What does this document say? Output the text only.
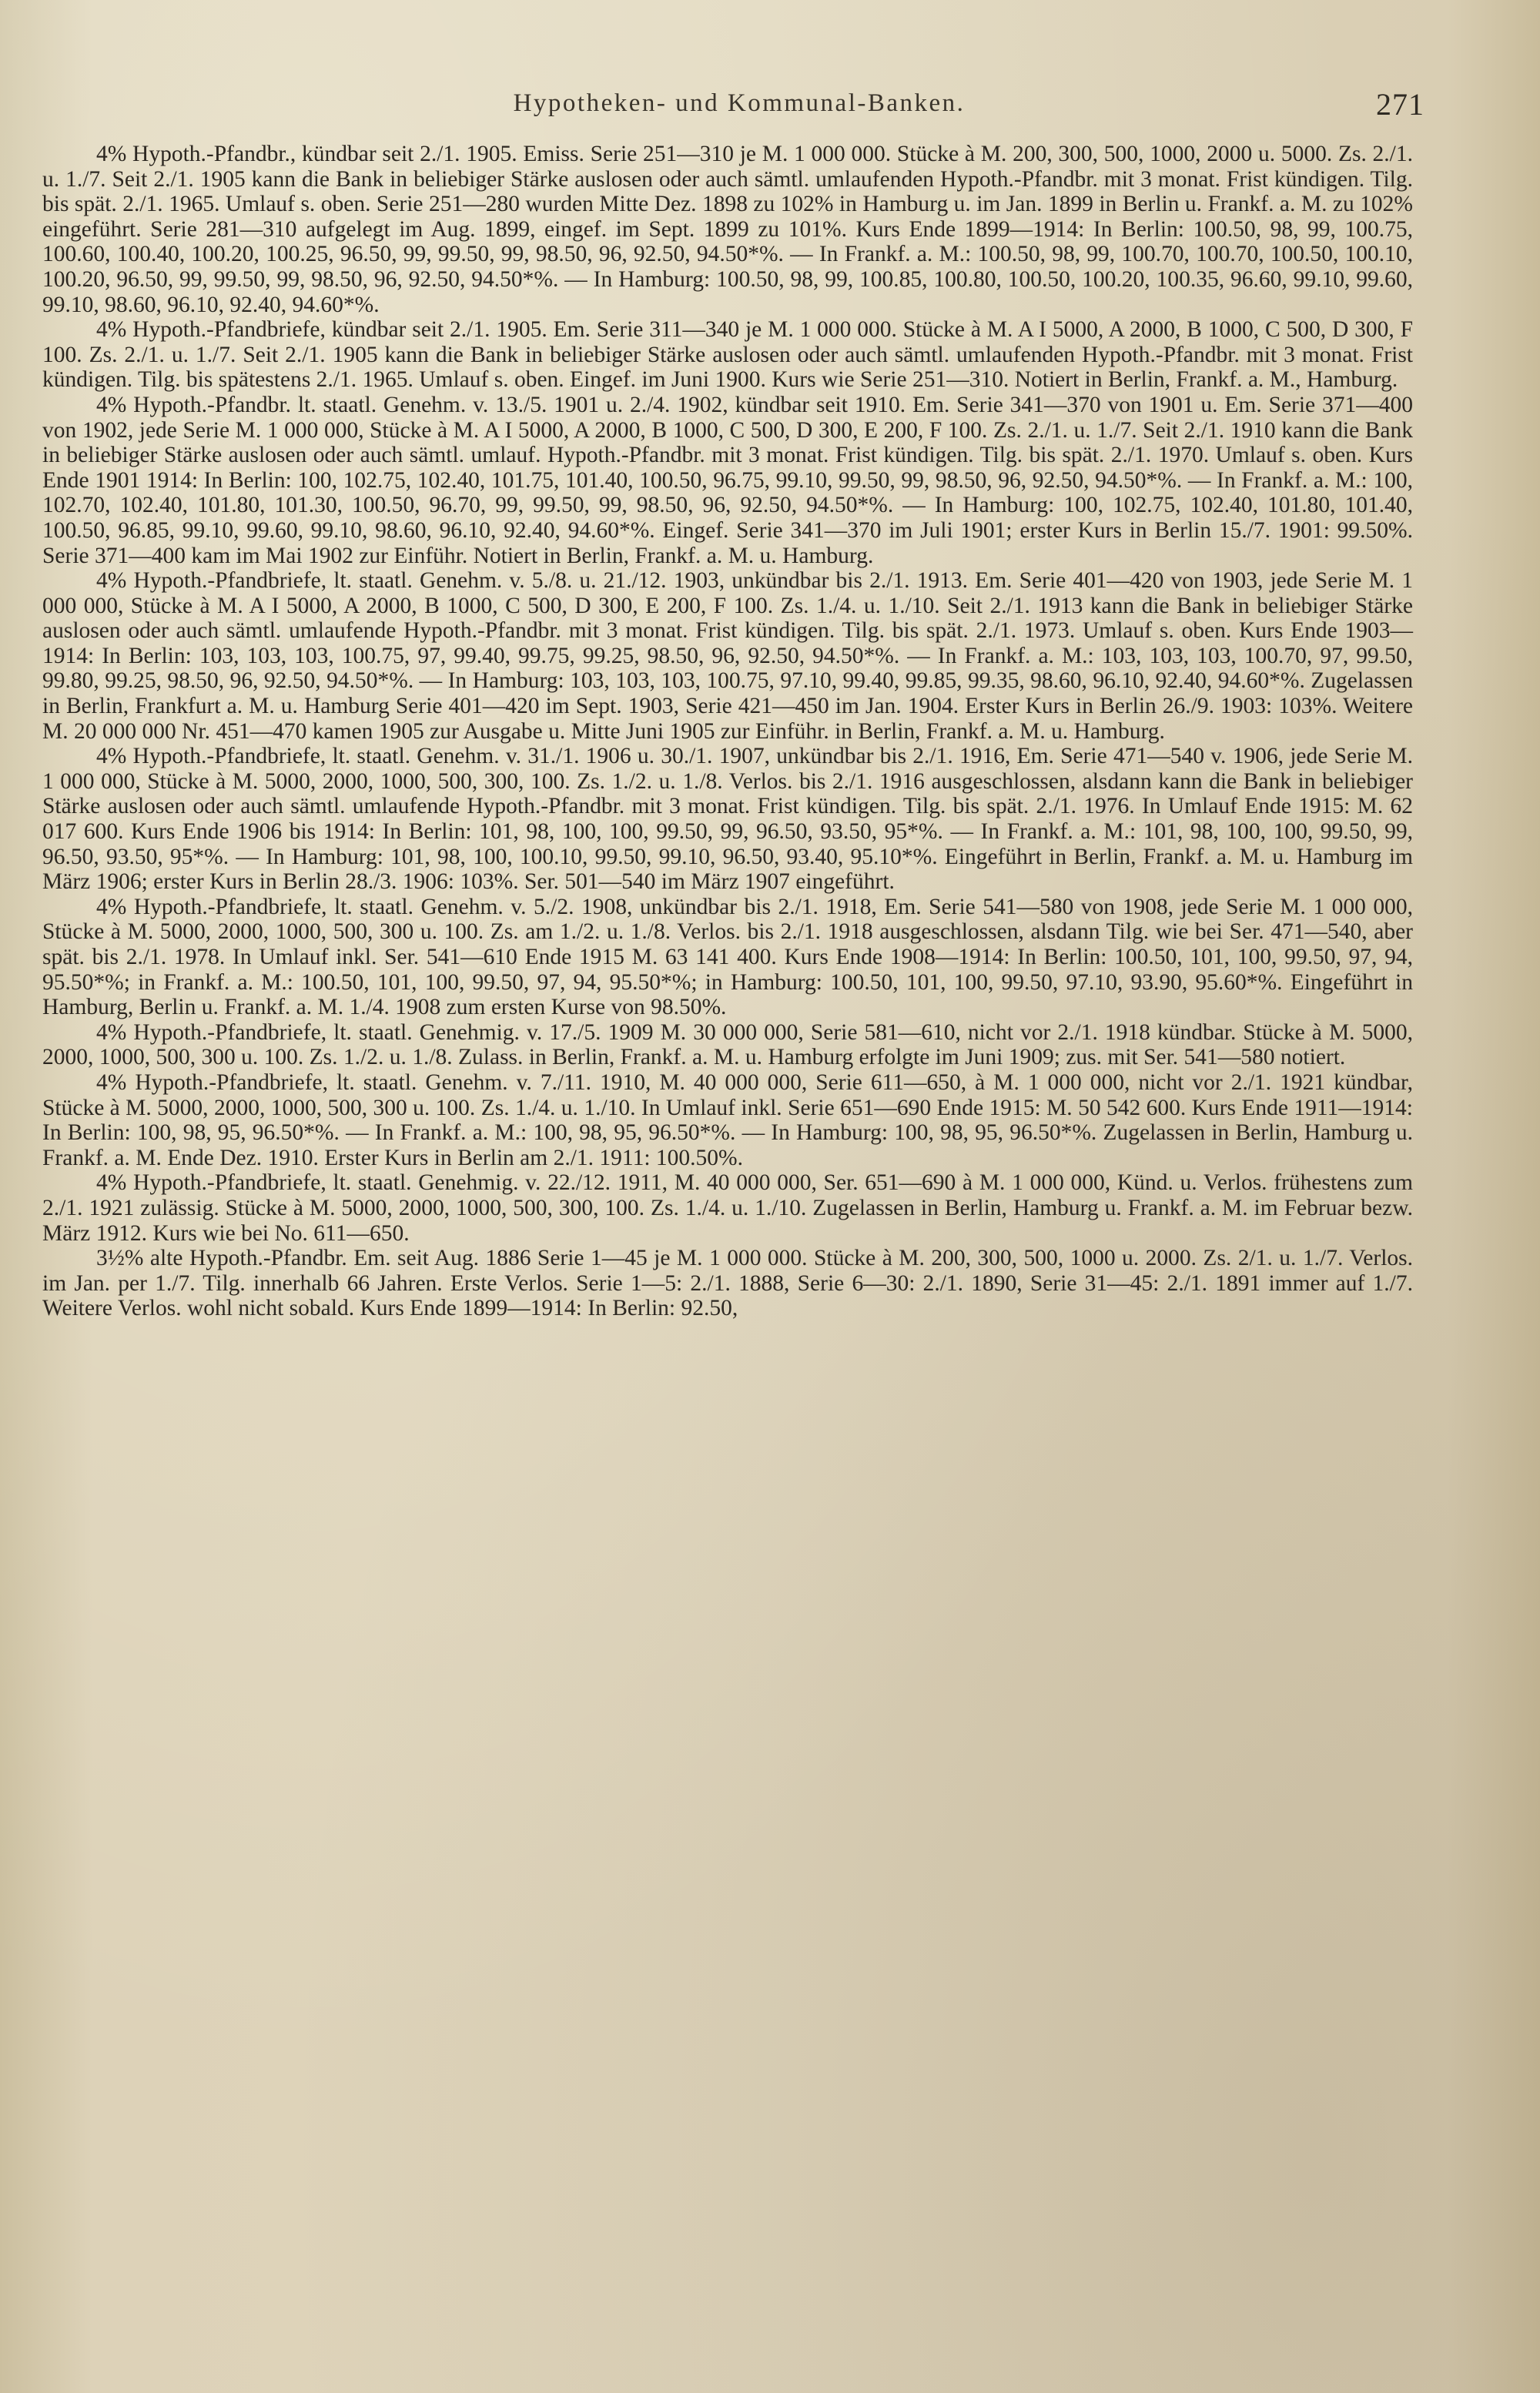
Hypotheken- und Kommunal-Banken.	271

4% Hypoth.-Pfandbr., kündbar seit 2./1. 1905. Emiss. Serie 251—310 je M. 1 000 000. Stücke à M. 200, 300, 500, 1000, 2000 u. 5000. Zs. 2./1. u. 1./7. Seit 2./1. 1905 kann die Bank in beliebiger Stärke auslosen oder auch sämtl. umlaufenden Hypoth.-Pfandbr. mit 3 monat. Frist kündigen. Tilg. bis spät. 2./1. 1965. Umlauf s. oben. Serie 251—280 wurden Mitte Dez. 1898 zu 102% in Hamburg u. im Jan. 1899 in Berlin u. Frankf. a. M. zu 102% eingeführt. Serie 281—310 aufgelegt im Aug. 1899, eingef. im Sept. 1899 zu 101%. Kurs Ende 1899—1914: In Berlin: 100.50, 98, 99, 100.75, 100.60, 100.40, 100.20, 100.25, 96.50, 99, 99.50, 99, 98.50, 96, 92.50, 94.50*%. — In Frankf. a. M.: 100.50, 98, 99, 100.70, 100.70, 100.50, 100.10, 100.20, 96.50, 99, 99.50, 99, 98.50, 96, 92.50, 94.50*%. — In Hamburg: 100.50, 98, 99, 100.85, 100.80, 100.50, 100.20, 100.35, 96.60, 99.10, 99.60, 99.10, 98.60, 96.10, 92.40, 94.60*%.

4% Hypoth.-Pfandbriefe, kündbar seit 2./1. 1905. Em. Serie 311—340 je M. 1 000 000. Stücke à M. A I 5000, A 2000, B 1000, C 500, D 300, F 100. Zs. 2./1. u. 1./7. Seit 2./1. 1905 kann die Bank in beliebiger Stärke auslosen oder auch sämtl. umlaufenden Hypoth.-Pfandbr. mit 3 monat. Frist kündigen. Tilg. bis spätestens 2./1. 1965. Umlauf s. oben. Eingef. im Juni 1900. Kurs wie Serie 251—310. Notiert in Berlin, Frankf. a. M., Hamburg.

4% Hypoth.-Pfandbr. lt. staatl. Genehm. v. 13./5. 1901 u. 2./4. 1902, kündbar seit 1910. Em. Serie 341—370 von 1901 u. Em. Serie 371—400 von 1902, jede Serie M. 1 000 000, Stücke à M. A I 5000, A 2000, B 1000, C 500, D 300, E 200, F 100. Zs. 2./1. u. 1./7. Seit 2./1. 1910 kann die Bank in beliebiger Stärke auslosen oder auch sämtl. umlauf. Hypoth.-Pfandbr. mit 3 monat. Frist kündigen. Tilg. bis spät. 2./1. 1970. Umlauf s. oben. Kurs Ende 1901 1914: In Berlin: 100, 102.75, 102.40, 101.75, 101.40, 100.50, 96.75, 99.10, 99.50, 99, 98.50, 96, 92.50, 94.50*%. — In Frankf. a. M.: 100, 102.70, 102.40, 101.80, 101.30, 100.50, 96.70, 99, 99.50, 99, 98.50, 96, 92.50, 94.50*%. — In Hamburg: 100, 102.75, 102.40, 101.80, 101.40, 100.50, 96.85, 99.10, 99.60, 99.10, 98.60, 96.10, 92.40, 94.60*%. Eingef. Serie 341—370 im Juli 1901; erster Kurs in Berlin 15./7. 1901: 99.50%. Serie 371—400 kam im Mai 1902 zur Einführ. Notiert in Berlin, Frankf. a. M. u. Hamburg.

4% Hypoth.-Pfandbriefe, lt. staatl. Genehm. v. 5./8. u. 21./12. 1903, unkündbar bis 2./1. 1913. Em. Serie 401—420 von 1903, jede Serie M. 1 000 000, Stücke à M. A I 5000, A 2000, B 1000, C 500, D 300, E 200, F 100. Zs. 1./4. u. 1./10. Seit 2./1. 1913 kann die Bank in beliebiger Stärke auslosen oder auch sämtl. umlaufende Hypoth.-Pfandbr. mit 3 monat. Frist kündigen. Tilg. bis spät. 2./1. 1973. Umlauf s. oben. Kurs Ende 1903—1914: In Berlin: 103, 103, 103, 100.75, 97, 99.40, 99.75, 99.25, 98.50, 96, 92.50, 94.50*%. — In Frankf. a. M.: 103, 103, 103, 100.70, 97, 99.50, 99.80, 99.25, 98.50, 96, 92.50, 94.50*%. — In Hamburg: 103, 103, 103, 100.75, 97.10, 99.40, 99.85, 99.35, 98.60, 96.10, 92.40, 94.60*%. Zugelassen in Berlin, Frankfurt a. M. u. Hamburg Serie 401—420 im Sept. 1903, Serie 421—450 im Jan. 1904. Erster Kurs in Berlin 26./9. 1903: 103%. Weitere M. 20 000 000 Nr. 451—470 kamen 1905 zur Ausgabe u. Mitte Juni 1905 zur Einführ. in Berlin, Frankf. a. M. u. Hamburg.

4% Hypoth.-Pfandbriefe, lt. staatl. Genehm. v. 31./1. 1906 u. 30./1. 1907, unkündbar bis 2./1. 1916, Em. Serie 471—540 v. 1906, jede Serie M. 1 000 000, Stücke à M. 5000, 2000, 1000, 500, 300, 100. Zs. 1./2. u. 1./8. Verlos. bis 2./1. 1916 ausgeschlossen, alsdann kann die Bank in beliebiger Stärke auslosen oder auch sämtl. umlaufende Hypoth.-Pfandbr. mit 3 monat. Frist kündigen. Tilg. bis spät. 2./1. 1976. In Umlauf Ende 1915: M. 62 017 600. Kurs Ende 1906 bis 1914: In Berlin: 101, 98, 100, 100, 99.50, 99, 96.50, 93.50, 95*%. — In Frankf. a. M.: 101, 98, 100, 100, 99.50, 99, 96.50, 93.50, 95*%. — In Hamburg: 101, 98, 100, 100.10, 99.50, 99.10, 96.50, 93.40, 95.10*%. Eingeführt in Berlin, Frankf. a. M. u. Hamburg im März 1906; erster Kurs in Berlin 28./3. 1906: 103%. Ser. 501—540 im März 1907 eingeführt.

4% Hypoth.-Pfandbriefe, lt. staatl. Genehm. v. 5./2. 1908, unkündbar bis 2./1. 1918, Em. Serie 541—580 von 1908, jede Serie M. 1 000 000, Stücke à M. 5000, 2000, 1000, 500, 300 u. 100. Zs. am 1./2. u. 1./8. Verlos. bis 2./1. 1918 ausgeschlossen, alsdann Tilg. wie bei Ser. 471—540, aber spät. bis 2./1. 1978. In Umlauf inkl. Ser. 541—610 Ende 1915 M. 63 141 400. Kurs Ende 1908—1914: In Berlin: 100.50, 101, 100, 99.50, 97, 94, 95.50*%; in Frankf. a. M.: 100.50, 101, 100, 99.50, 97, 94, 95.50*%; in Hamburg: 100.50, 101, 100, 99.50, 97.10, 93.90, 95.60*%. Eingeführt in Hamburg, Berlin u. Frankf. a. M. 1./4. 1908 zum ersten Kurse von 98.50%.

4% Hypoth.-Pfandbriefe, lt. staatl. Genehmig. v. 17./5. 1909 M. 30 000 000, Serie 581—610, nicht vor 2./1. 1918 kündbar. Stücke à M. 5000, 2000, 1000, 500, 300 u. 100. Zs. 1./2. u. 1./8. Zulass. in Berlin, Frankf. a. M. u. Hamburg erfolgte im Juni 1909; zus. mit Ser. 541—580 notiert.

4% Hypoth.-Pfandbriefe, lt. staatl. Genehm. v. 7./11. 1910, M. 40 000 000, Serie 611—650, à M. 1 000 000, nicht vor 2./1. 1921 kündbar, Stücke à M. 5000, 2000, 1000, 500, 300 u. 100. Zs. 1./4. u. 1./10. In Umlauf inkl. Serie 651—690 Ende 1915: M. 50 542 600. Kurs Ende 1911—1914: In Berlin: 100, 98, 95, 96.50*%. — In Frankf. a. M.: 100, 98, 95, 96.50*%. — In Hamburg: 100, 98, 95, 96.50*%. Zugelassen in Berlin, Hamburg u. Frankf. a. M. Ende Dez. 1910. Erster Kurs in Berlin am 2./1. 1911: 100.50%.

4% Hypoth.-Pfandbriefe, lt. staatl. Genehmig. v. 22./12. 1911, M. 40 000 000, Ser. 651—690 à M. 1 000 000, Künd. u. Verlos. frühestens zum 2./1. 1921 zulässig. Stücke à M. 5000, 2000, 1000, 500, 300, 100. Zs. 1./4. u. 1./10. Zugelassen in Berlin, Hamburg u. Frankf. a. M. im Februar bezw. März 1912. Kurs wie bei No. 611—650.

3½% alte Hypoth.-Pfandbr. Em. seit Aug. 1886 Serie 1—45 je M. 1 000 000. Stücke à M. 200, 300, 500, 1000 u. 2000. Zs. 2/1. u. 1./7. Verlos. im Jan. per 1./7. Tilg. innerhalb 66 Jahren. Erste Verlos. Serie 1—5: 2./1. 1888, Serie 6—30: 2./1. 1890, Serie 31—45: 2./1. 1891 immer auf 1./7. Weitere Verlos. wohl nicht sobald. Kurs Ende 1899—1914: In Berlin: 92.50,
